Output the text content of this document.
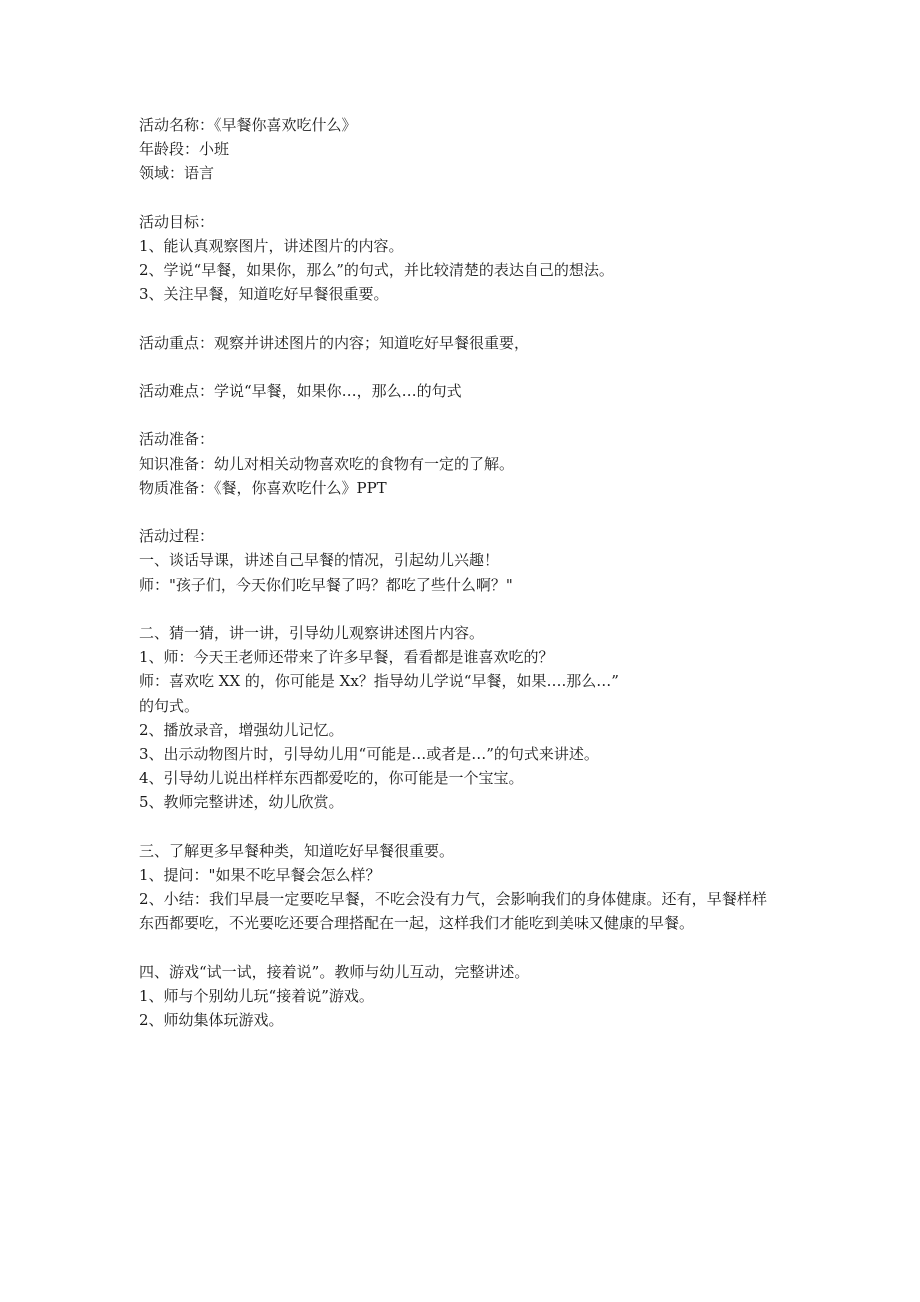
活动名称：《早餐你喜欢吃什么》
年龄段：小班
领域：语言
活动目标：
1、能认真观察图片，讲述图片的内容。
2、学说“早餐，如果你，那么”的句式，并比较清楚的表达自己的想法。
3、关注早餐，知道吃好早餐很重要。
活动重点：观察并讲述图片的内容；知道吃好早餐很重要，
活动难点：学说“早餐，如果你…，那么…的句式
活动准备：
知识准备：幼儿对相关动物喜欢吃的食物有一定的了解。
物质准备：《餐，你喜欢吃什么》PPT
活动过程：
一、谈话导课，讲述自己早餐的情况，引起幼儿兴趣！
师："孩子们，今天你们吃早餐了吗？都吃了些什么啊？"
二、猜一猜，讲一讲，引导幼儿观察讲述图片内容。
1、师：今天王老师还带来了许多早餐，看看都是谁喜欢吃的？
师：喜欢吃 XX 的，你可能是 Xx？指导幼儿学说“早餐，如果….那么…”
的句式。
2、播放录音，增强幼儿记忆。
3、出示动物图片时，引导幼儿用“可能是…或者是…”的句式来讲述。
4、引导幼儿说出样样东西都爱吃的，你可能是一个宝宝。
5、教师完整讲述，幼儿欣赏。
三、了解更多早餐种类，知道吃好早餐很重要。
1、提问："如果不吃早餐会怎么样？
2、小结：我们早晨一定要吃早餐，不吃会没有力气，会影响我们的身体健康。还有，早餐样样东西都要吃，不光要吃还要合理搭配在一起，这样我们才能吃到美味又健康的早餐。
四、游戏“试一试，接着说”。教师与幼儿互动，完整讲述。
1、师与个别幼儿玩“接着说”游戏。
2、师幼集体玩游戏。
